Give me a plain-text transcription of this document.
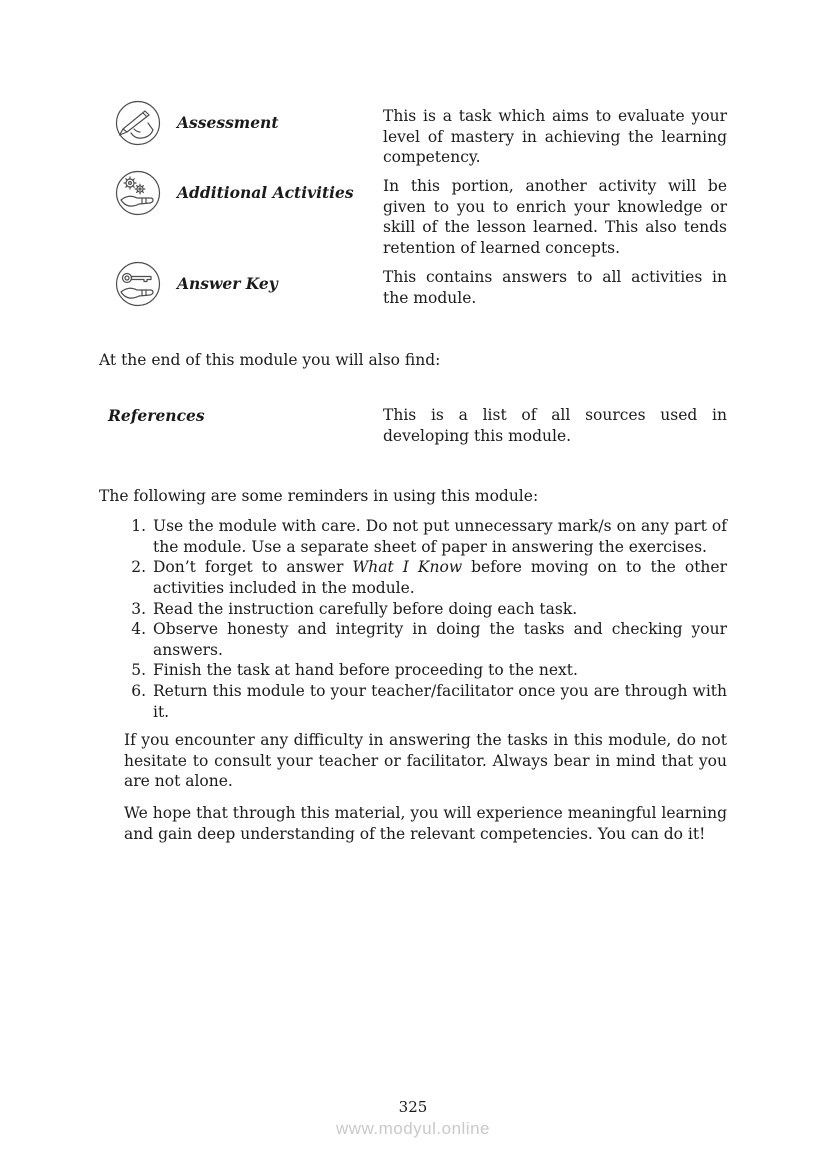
Assessment	This is a task which aims to evaluate your level of mastery in achieving the learning competency.
Additional Activities	In this portion, another activity will be given to you to enrich your knowledge or skill of the lesson learned. This also tends retention of learned concepts.
Answer Key	This contains answers to all activities in the module.
At the end of this module you will also find:
References	This is a list of all sources used in developing this module.
The following are some reminders in using this module:
1. Use the module with care. Do not put unnecessary mark/s on any part of the module. Use a separate sheet of paper in answering the exercises.
2. Don’t forget to answer What I Know before moving on to the other activities included in the module.
3. Read the instruction carefully before doing each task.
4. Observe honesty and integrity in doing the tasks and checking your answers.
5. Finish the task at hand before proceeding to the next.
6. Return this module to your teacher/facilitator once you are through with it.

If you encounter any difficulty in answering the tasks in this module, do not hesitate to consult your teacher or facilitator. Always bear in mind that you are not alone.

We hope that through this material, you will experience meaningful learning and gain deep understanding of the relevant competencies. You can do it!

325
www.modyul.online
